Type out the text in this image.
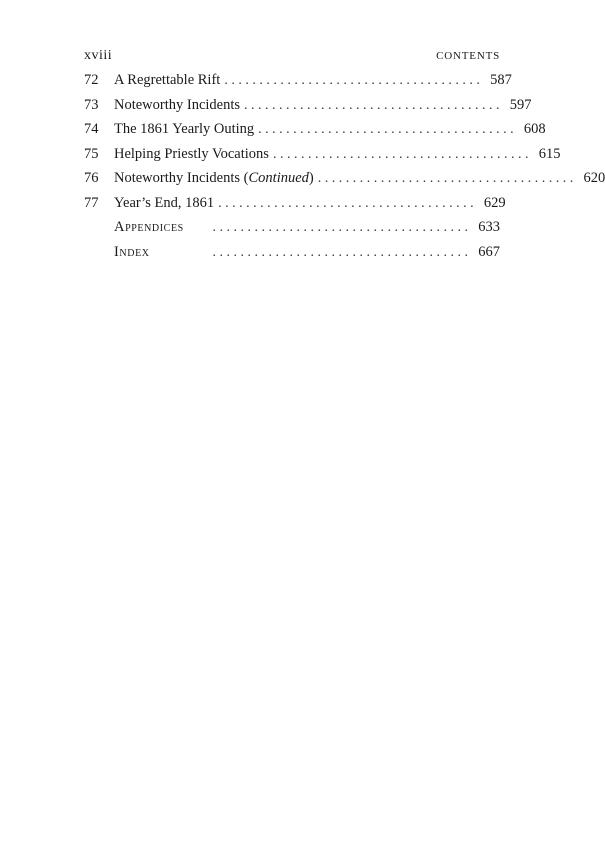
xviii	CONTENTS
72	A Regrettable Rift . . . . . . . . . . . . . . . . . . . . . . . . . . . . . . . . . . . . . 587
73	Noteworthy Incidents . . . . . . . . . . . . . . . . . . . . . . . . . . . . . . . . . . . . . 597
74	The 1861 Yearly Outing . . . . . . . . . . . . . . . . . . . . . . . . . . . . . . . . . . . . . 608
75	Helping Priestly Vocations . . . . . . . . . . . . . . . . . . . . . . . . . . . . . . . . . . . . . 615
76	Noteworthy Incidents (Continued) . . . . . . . . . . . . . . . . . . . . . . . . . . . . . . . . . . . . . 620
77	Year’s End, 1861 . . . . . . . . . . . . . . . . . . . . . . . . . . . . . . . . . . . . . 629
Appendices	. . . . . . . . . . . . . . . . . . . . . . . . . . . . . . . . . . . . . 633
Index	. . . . . . . . . . . . . . . . . . . . . . . . . . . . . . . . . . . . . 667
